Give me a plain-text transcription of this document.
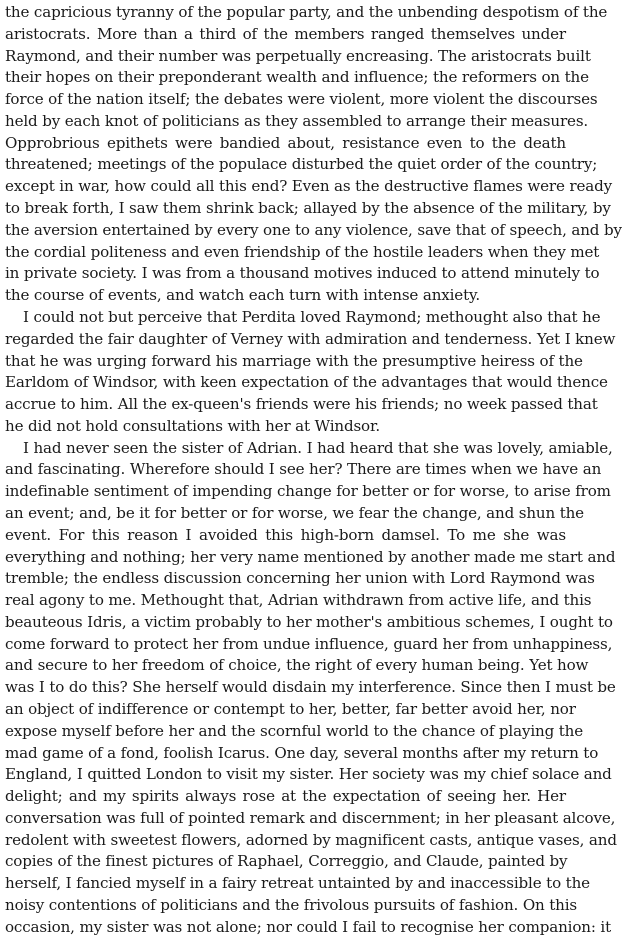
the capricious tyranny of the popular party, and the unbending despotism of the
aristocrats. More than a third of the members ranged themselves under
Raymond, and their number was perpetually encreasing. The aristocrats built
their hopes on their preponderant wealth and influence; the reformers on the
force of the nation itself; the debates were violent, more violent the discourses
held by each knot of politicians as they assembled to arrange their measures.
Opprobrious epithets were bandied about, resistance even to the death
threatened; meetings of the populace disturbed the quiet order of the country;
except in war, how could all this end? Even as the destructive flames were ready
to break forth, I saw them shrink back; allayed by the absence of the military, by
the aversion entertained by every one to any violence, save that of speech, and by
the cordial politeness and even friendship of the hostile leaders when they met
in private society. I was from a thousand motives induced to attend minutely to
the course of events, and watch each turn with intense anxiety.
I could not but perceive that Perdita loved Raymond; methought also that he
regarded the fair daughter of Verney with admiration and tenderness. Yet I knew
that he was urging forward his marriage with the presumptive heiress of the
Earldom of Windsor, with keen expectation of the advantages that would thence
accrue to him. All the ex-queen's friends were his friends; no week passed that
he did not hold consultations with her at Windsor.
I had never seen the sister of Adrian. I had heard that she was lovely, amiable,
and fascinating. Wherefore should I see her? There are times when we have an
indefinable sentiment of impending change for better or for worse, to arise from
an event; and, be it for better or for worse, we fear the change, and shun the
event. For this reason I avoided this high-born damsel. To me she was
everything and nothing; her very name mentioned by another made me start and
tremble; the endless discussion concerning her union with Lord Raymond was
real agony to me. Methought that, Adrian withdrawn from active life, and this
beauteous Idris, a victim probably to her mother's ambitious schemes, I ought to
come forward to protect her from undue influence, guard her from unhappiness,
and secure to her freedom of choice, the right of every human being. Yet how
was I to do this? She herself would disdain my interference. Since then I must be
an object of indifference or contempt to her, better, far better avoid her, nor
expose myself before her and the scornful world to the chance of playing the
mad game of a fond, foolish Icarus. One day, several months after my return to
England, I quitted London to visit my sister. Her society was my chief solace and
delight; and my spirits always rose at the expectation of seeing her. Her
conversation was full of pointed remark and discernment; in her pleasant alcove,
redolent with sweetest flowers, adorned by magnificent casts, antique vases, and
copies of the finest pictures of Raphael, Correggio, and Claude, painted by
herself, I fancied myself in a fairy retreat untainted by and inaccessible to the
noisy contentions of politicians and the frivolous pursuits of fashion. On this
occasion, my sister was not alone; nor could I fail to recognise her companion: it
